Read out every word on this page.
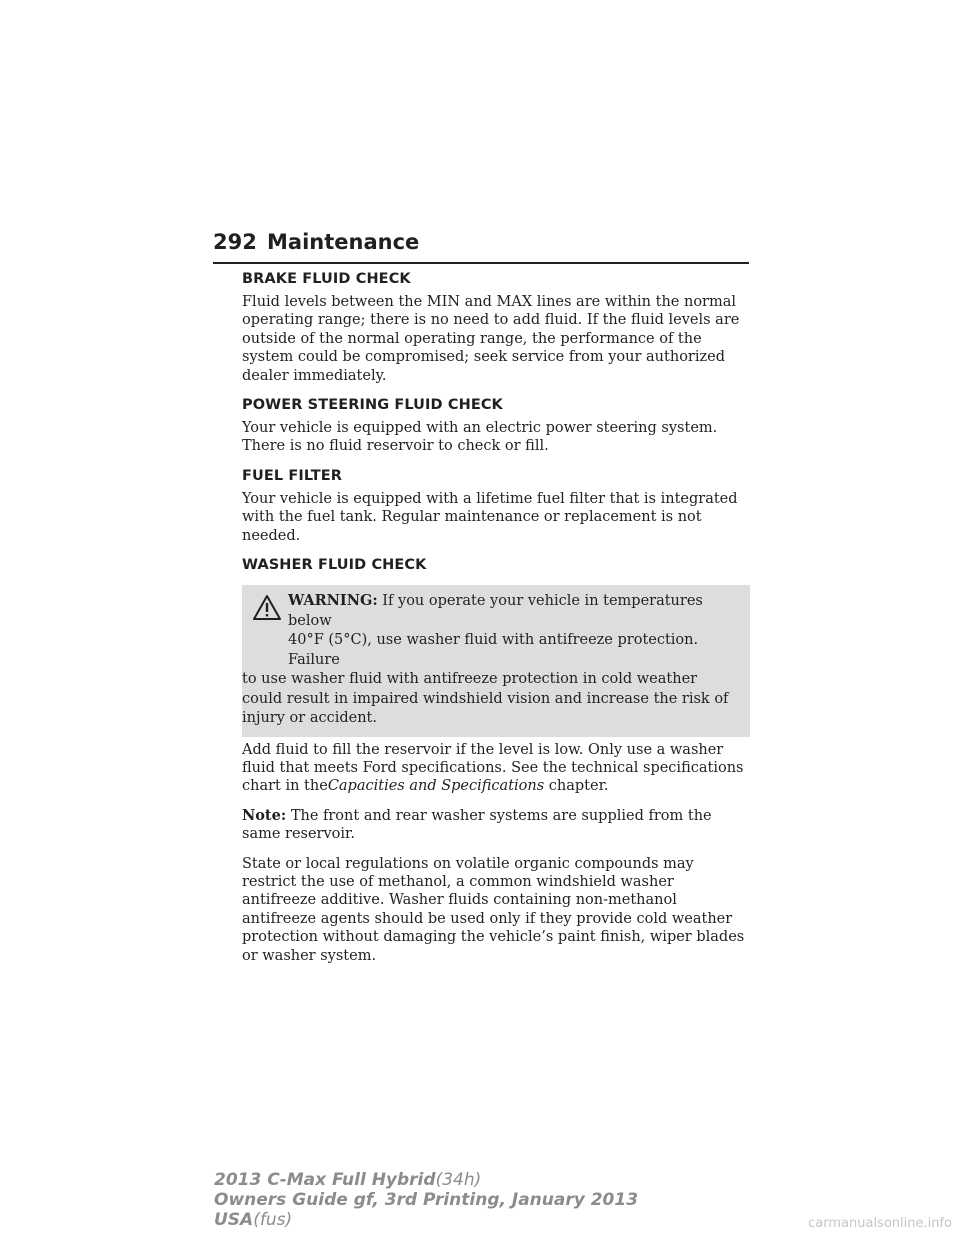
292 Maintenance
BRAKE FLUID CHECK

Fluid levels between the MIN and MAX lines are within the normal operating range; there is no need to add fluid. If the fluid levels are outside of the normal operating range, the performance of the system could be compromised; seek service from your authorized dealer immediately.

POWER STEERING FLUID CHECK

Your vehicle is equipped with an electric power steering system. There is no fluid reservoir to check or fill.

FUEL FILTER

Your vehicle is equipped with a lifetime fuel filter that is integrated with the fuel tank. Regular maintenance or replacement is not needed.

WASHER FLUID CHECK
WARNING: If you operate your vehicle in temperatures below
40°F (5°C), use washer fluid with antifreeze protection. Failure
to use washer fluid with antifreeze protection in cold weather could result in impaired windshield vision and increase the risk of injury or accident.

Add fluid to fill the reservoir if the level is low. Only use a washer fluid that meets Ford specifications. See the technical specifications chart in theCapacities and Specifications chapter.

Note: The front and rear washer systems are supplied from the same reservoir.

State or local regulations on volatile organic compounds may restrict the use of methanol, a common windshield washer antifreeze additive. Washer fluids containing non-methanol antifreeze agents should be used only if they provide cold weather protection without damaging the vehicle’s paint finish, wiper blades or washer system.

2013 C-Max Full Hybrid(34h)
Owners Guide gf, 3rd Printing, January 2013
USA(fus)	carmanualsonline.info
